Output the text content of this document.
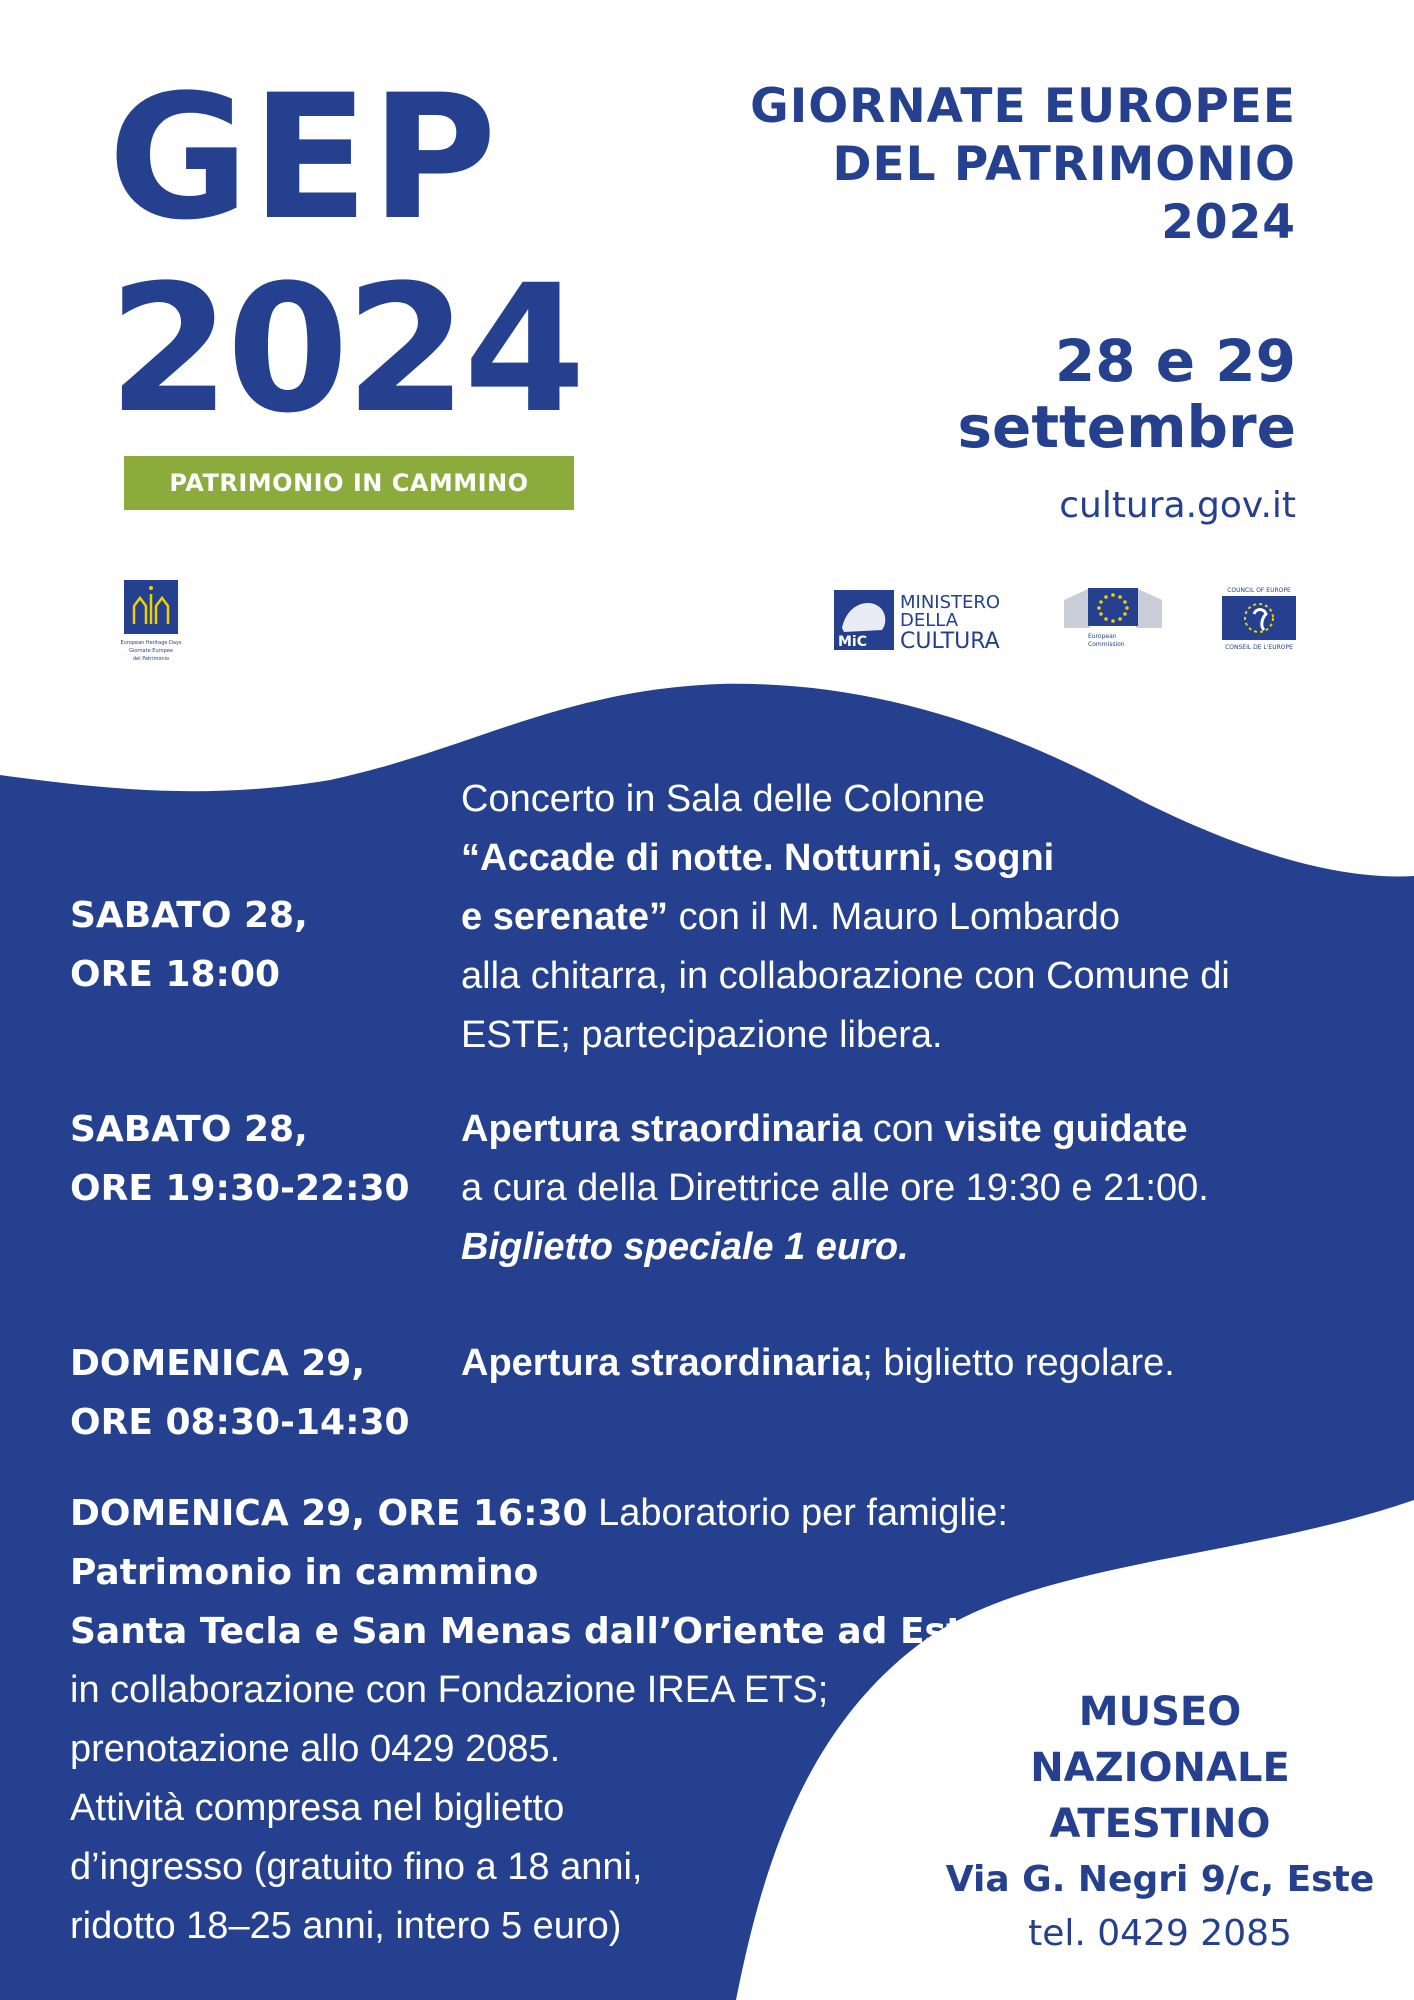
GEP
2024
PATRIMONIO IN CAMMINO
GIORNATE EUROPEE
DEL PATRIMONIO
2024
28 e 29
settembre
cultura.gov.it
European Heritage Days
Giornate Europee
del Patrimonio
MiC
MINISTERO
DELLA
CULTURA	European
Commission
COUNCIL OF EUROPE
CONSEIL DE L'EUROPE
SABATO 28,
ORE 18:00
Concerto in Sala delle Colonne
“Accade di notte. Notturni, sogni
e serenate” con il M. Mauro Lombardo
alla chitarra, in collaborazione con Comune di
ESTE; partecipazione libera.
SABATO 28,
ORE 19:30-22:30
Apertura straordinaria con visite guidate
a cura della Direttrice alle ore 19:30 e 21:00.
Biglietto speciale 1 euro.
DOMENICA 29,
ORE 08:30-14:30
Apertura straordinaria; biglietto regolare.
DOMENICA 29, ORE 16:30 Laboratorio per famiglie:
Patrimonio in cammino
Santa Tecla e San Menas dall’Oriente ad Este
in collaborazione con Fondazione IREA ETS;
prenotazione allo 0429 2085.
Attività compresa nel biglietto
d’ingresso (gratuito fino a 18 anni,
ridotto 18–25 anni, intero 5 euro)
MUSEO
NAZIONALE
ATESTINO
Via G. Negri 9/c, Este
tel. 0429 2085
